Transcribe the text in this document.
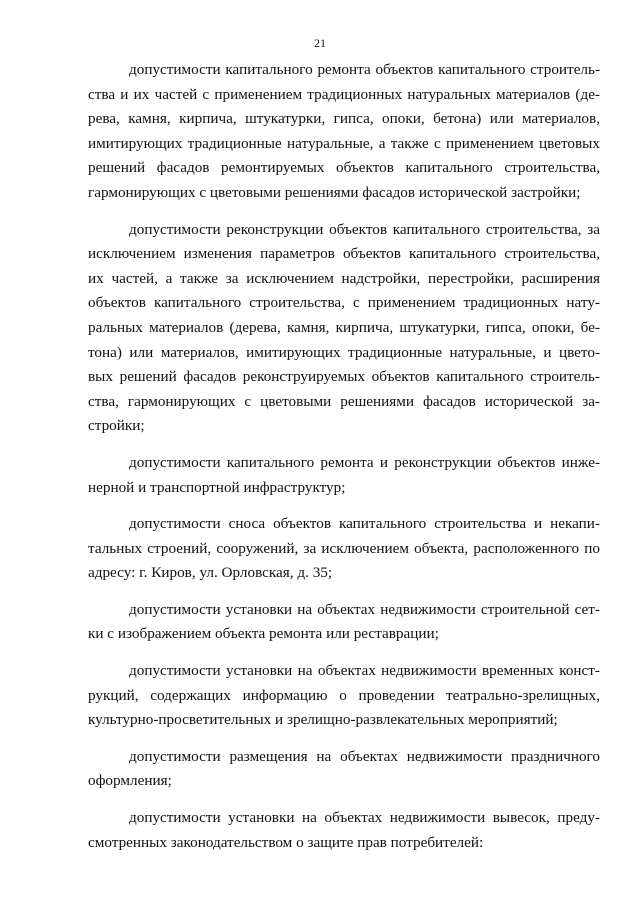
21
допустимости капитального ремонта объектов капитального строитель-
ства и их частей с применением традиционных натуральных материалов (де-
рева, камня, кирпича, штукатурки, гипса, опоки, бетона) или материалов,
имитирующих традиционные натуральные, а также с применением цветовых
решений фасадов ремонтируемых объектов капитального строительства,
гармонирующих с цветовыми решениями фасадов исторической застройки;
допустимости реконструкции объектов капитального строительства, за
исключением изменения параметров объектов капитального строительства,
их частей, а также за исключением надстройки, перестройки, расширения
объектов капитального строительства, с применением традиционных нату-
ральных материалов (дерева, камня, кирпича, штукатурки, гипса, опоки, бе-
тона) или материалов, имитирующих традиционные натуральные, и цвето-
вых решений фасадов реконструируемых объектов капитального строитель-
ства, гармонирующих с цветовыми решениями фасадов исторической за-
стройки;
допустимости капитального ремонта и реконструкции объектов инже-
нерной и транспортной инфраструктур;
допустимости сноса объектов капитального строительства и некапи-
тальных строений, сооружений, за исключением объекта, расположенного по
адресу: г. Киров, ул. Орловская, д. 35;
допустимости установки на объектах недвижимости строительной сет-
ки с изображением объекта ремонта или реставрации;
допустимости установки на объектах недвижимости временных конст-
рукций, содержащих информацию о проведении театрально-зрелищных,
культурно-просветительных и зрелищно-развлекательных мероприятий;
допустимости размещения на объектах недвижимости праздничного
оформления;
допустимости установки на объектах недвижимости вывесок, преду-
смотренных законодательством о защите прав потребителей:
